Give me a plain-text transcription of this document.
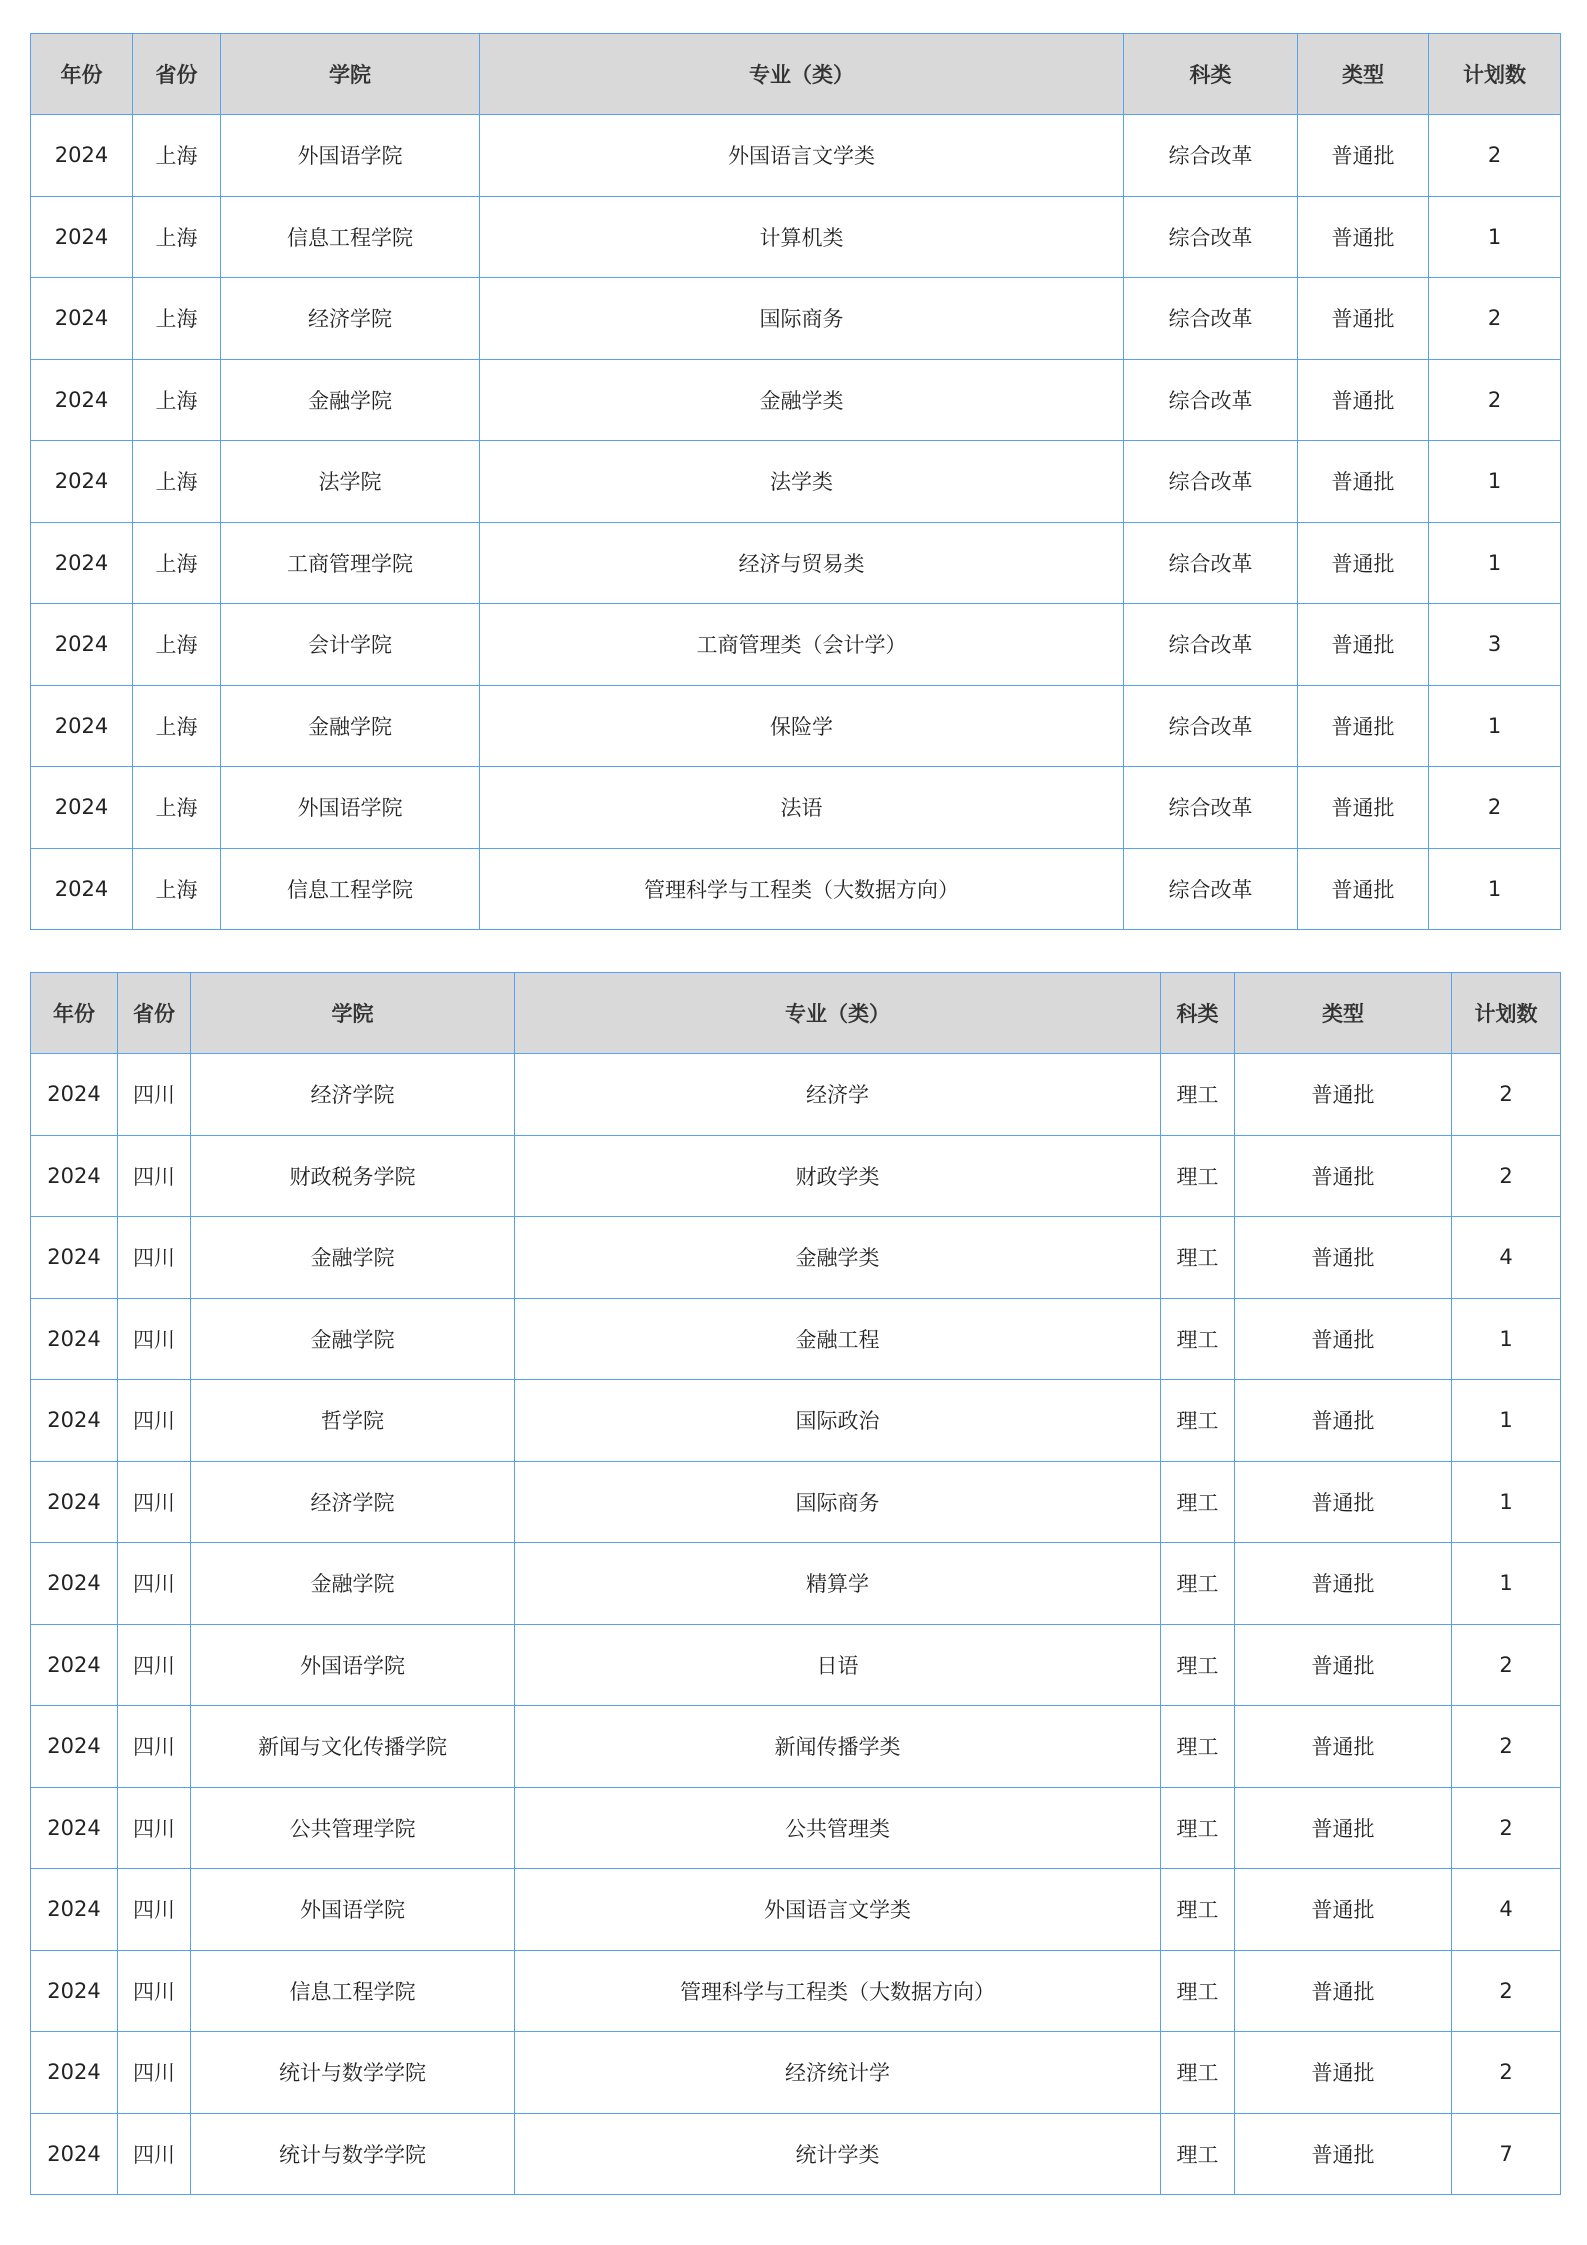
年份	省份	学院	专业（类）	科类	类型	计划数
2024	上海	外国语学院	外国语言文学类	综合改革	普通批	2
2024	上海	信息工程学院	计算机类	综合改革	普通批	1
2024	上海	经济学院	国际商务	综合改革	普通批	2
2024	上海	金融学院	金融学类	综合改革	普通批	2
2024	上海	法学院	法学类	综合改革	普通批	1
2024	上海	工商管理学院	经济与贸易类	综合改革	普通批	1
2024	上海	会计学院	工商管理类（会计学）	综合改革	普通批	3
2024	上海	金融学院	保险学	综合改革	普通批	1
2024	上海	外国语学院	法语	综合改革	普通批	2
2024	上海	信息工程学院	管理科学与工程类（大数据方向）	综合改革	普通批	1
年份	省份	学院	专业（类）	科类	类型	计划数
2024	四川	经济学院	经济学	理工	普通批	2
2024	四川	财政税务学院	财政学类	理工	普通批	2
2024	四川	金融学院	金融学类	理工	普通批	4
2024	四川	金融学院	金融工程	理工	普通批	1
2024	四川	哲学院	国际政治	理工	普通批	1
2024	四川	经济学院	国际商务	理工	普通批	1
2024	四川	金融学院	精算学	理工	普通批	1
2024	四川	外国语学院	日语	理工	普通批	2
2024	四川	新闻与文化传播学院	新闻传播学类	理工	普通批	2
2024	四川	公共管理学院	公共管理类	理工	普通批	2
2024	四川	外国语学院	外国语言文学类	理工	普通批	4
2024	四川	信息工程学院	管理科学与工程类（大数据方向）	理工	普通批	2
2024	四川	统计与数学学院	经济统计学	理工	普通批	2
2024	四川	统计与数学学院	统计学类	理工	普通批	7
